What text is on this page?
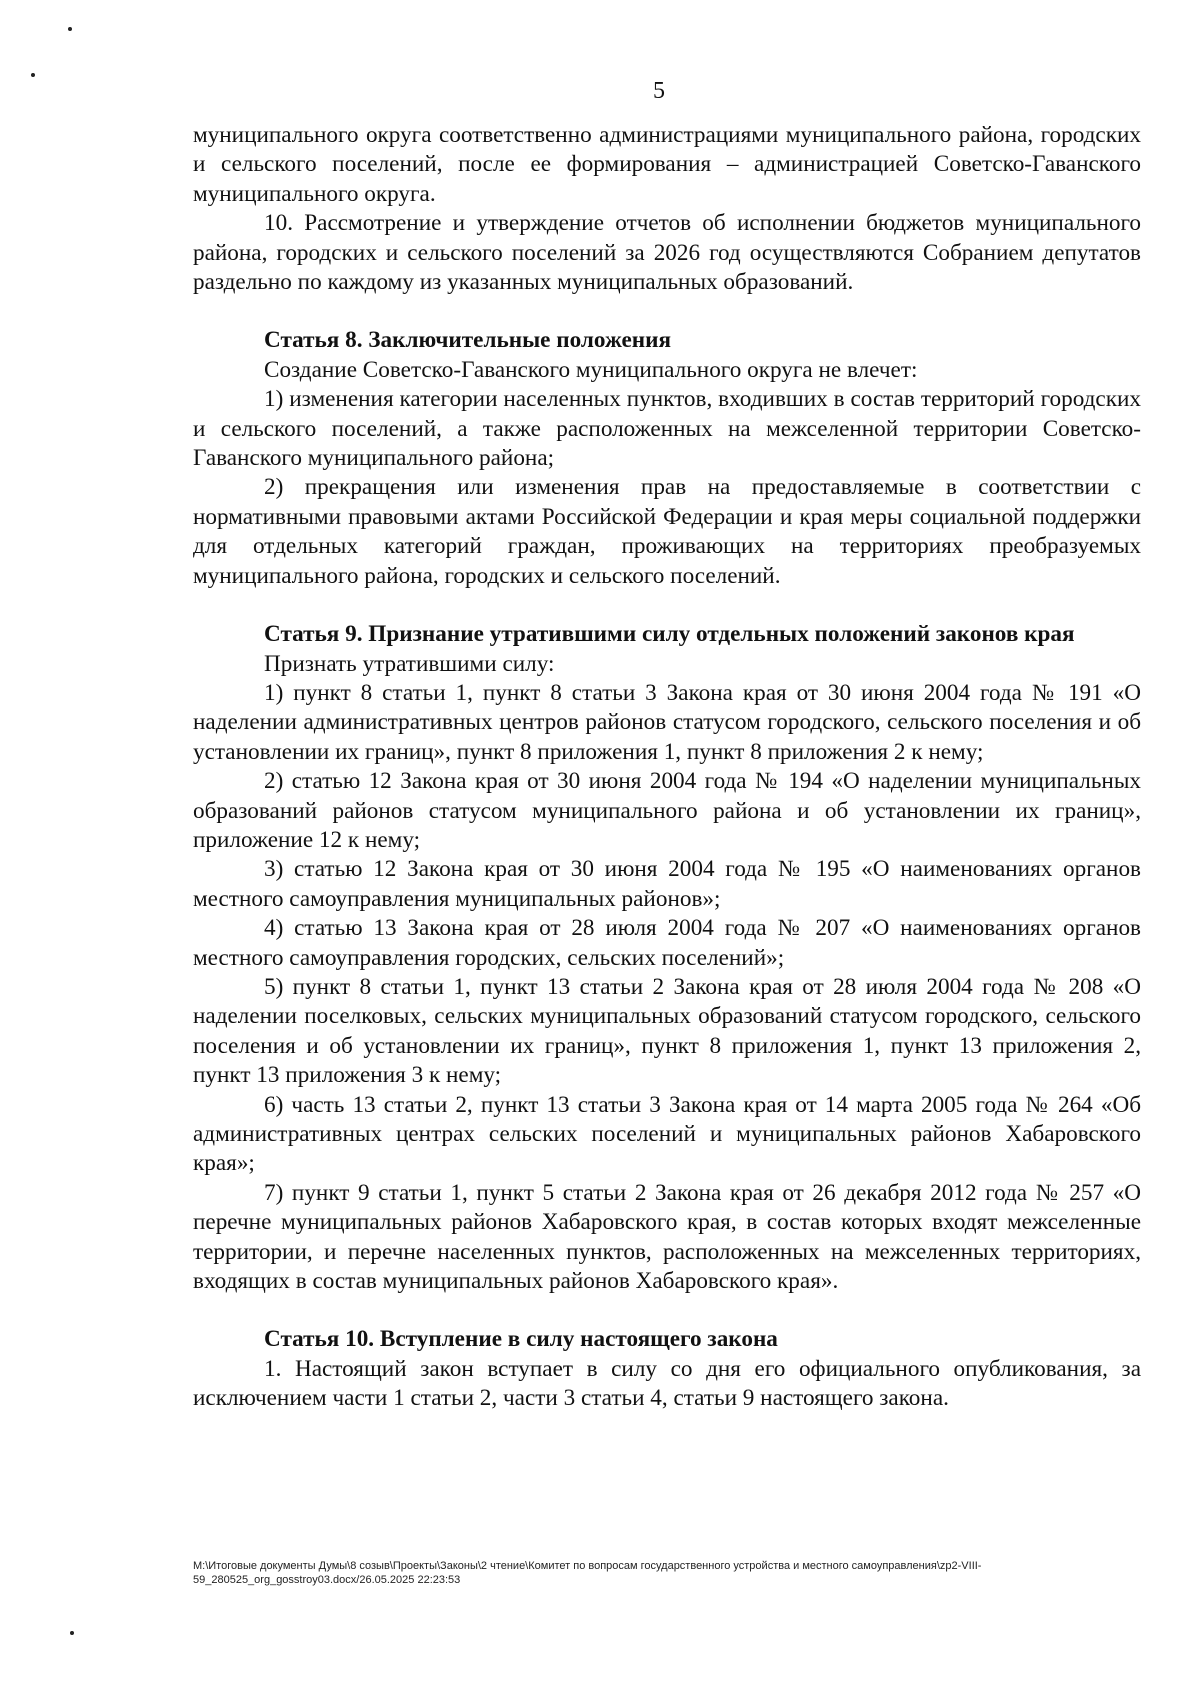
5

муниципального округа соответственно администрациями муниципального района, городских и сельского поселений, после ее формирования – администрацией Советско-Гаванского муниципального округа.

10. Рассмотрение и утверждение отчетов об исполнении бюджетов муниципального района, городских и сельского поселений за 2026 год осуществляются Собранием депутатов раздельно по каждому из указанных муниципальных образований.

Статья 8. Заключительные положения

Создание Советско-Гаванского муниципального округа не влечет:

1) изменения категории населенных пунктов, входивших в состав территорий городских и сельского поселений, а также расположенных на межселенной территории Советско-Гаванского муниципального района;

2) прекращения или изменения прав на предоставляемые в соответствии с нормативными правовыми актами Российской Федерации и края меры социальной поддержки для отдельных категорий граждан, проживающих на территориях преобразуемых муниципального района, городских и сельского поселений.

Статья 9. Признание утратившими силу отдельных положений законов края

Признать утратившими силу:

1) пункт 8 статьи 1, пункт 8 статьи 3 Закона края от 30 июня 2004 года № 191 «О наделении административных центров районов статусом городского, сельского поселения и об установлении их границ», пункт 8 приложения 1, пункт 8 приложения 2 к нему;

2) статью 12 Закона края от 30 июня 2004 года № 194 «О наделении муниципальных образований районов статусом муниципального района и об установлении их границ», приложение 12 к нему;

3) статью 12 Закона края от 30 июня 2004 года № 195 «О наименованиях органов местного самоуправления муниципальных районов»;

4) статью 13 Закона края от 28 июля 2004 года № 207 «О наименованиях органов местного самоуправления городских, сельских поселений»;

5) пункт 8 статьи 1, пункт 13 статьи 2 Закона края от 28 июля 2004 года № 208 «О наделении поселковых, сельских муниципальных образований статусом городского, сельского поселения и об установлении их границ», пункт 8 приложения 1, пункт 13 приложения 2, пункт 13 приложения 3 к нему;

6) часть 13 статьи 2, пункт 13 статьи 3 Закона края от 14 марта 2005 года № 264 «Об административных центрах сельских поселений и муниципальных районов Хабаровского края»;

7) пункт 9 статьи 1, пункт 5 статьи 2 Закона края от 26 декабря 2012 года № 257 «О перечне муниципальных районов Хабаровского края, в состав которых входят межселенные территории, и перечне населенных пунктов, расположенных на межселенных территориях, входящих в состав муниципальных районов Хабаровского края».

Статья 10. Вступление в силу настоящего закона

1. Настоящий закон вступает в силу со дня его официального опубликования, за исключением части 1 статьи 2, части 3 статьи 4, статьи 9 настоящего закона.

M:\Итоговые документы Думы\8 созыв\Проекты\Законы\2 чтение\Комитет по вопросам государственного устройства и местного самоуправления\zp2-VIII-59_280525_org_gosstroy03.docx/26.05.2025 22:23:53
